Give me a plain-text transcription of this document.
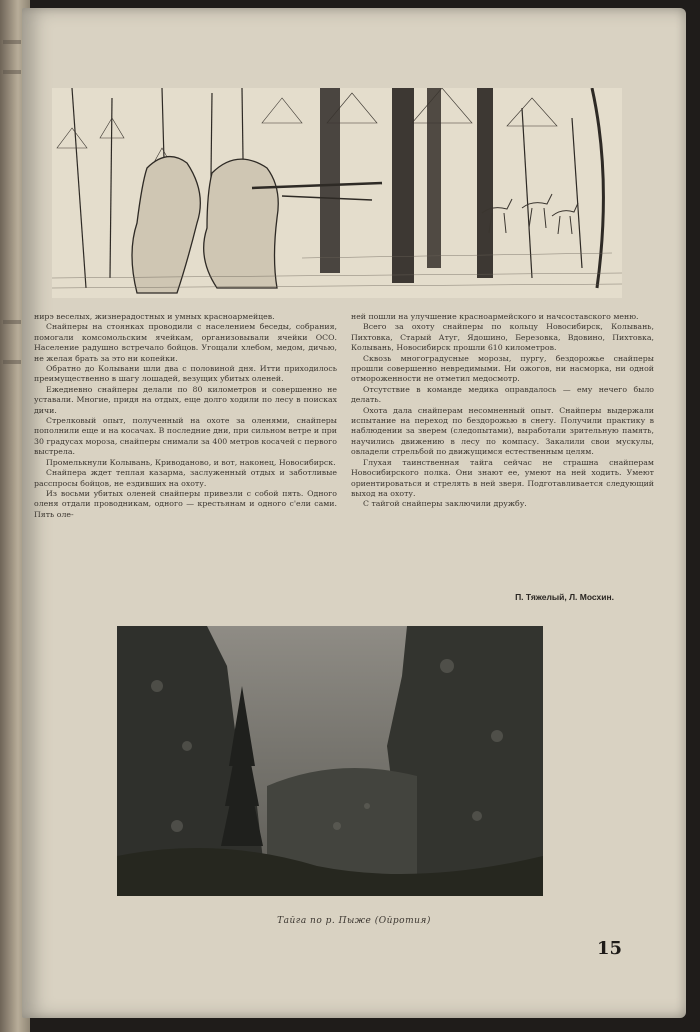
нирэ веселых, жизнерадостных и умных красноармейцев.

Снайперы на стоянках проводили с населением беседы, собрания, помогали комсомольским ячейкам, организовывали ячейки ОСО. Население радушно встречало бойцов. Угощали хлебом, медом, дичью, не желая брать за это ни копейки.

Обратно до Колывани шли два с половиной дня. Итти приходилось преимущественно в шагу лошадей, везущих убитых оленей.

Ежедневно снайперы делали по 80 километров и совершенно не уставали. Многие, придя на отдых, еще долго ходили по лесу в поисках дичи.

Стрелковый опыт, полученный на охоте за оленями, снайперы пополнили еще и на косачах. В последние дни, при сильном ветре и при 30 градусах мороза, снайперы снимали за 400 метров косачей с первого выстрела.

Промелькнули Колывань, Криводаново, и вот, наконец, Новосибирск.

Снайпера ждет теплая казарма, заслуженный отдых и заботливые расспросы бойцов, не ездивших на охоту.

Из восьми убитых оленей снайперы привезли с собой пять. Одного оленя отдали проводникам, одного — крестьянам и одного с'ели сами. Пять оле-

ней пошли на улучшение красноармейского и начсоставского меню.

Всего за охоту снайперы по кольцу Новосибирск, Колывань, Пихтовка, Старый Атуг, Ядошино, Березовка, Вдовино, Пихтовка, Колывань, Новосибирск прошли 610 километров.

Сквозь многоградусные морозы, пургу, бездорожье снайперы прошли совершенно невредимыми. Ни ожогов, ни насморка, ни одной отмороженности не отметил медосмотр.

Отсутствие в команде медика оправдалось — ему нечего было делать.

Охота дала снайперам несомненный опыт. Снайперы выдержали испытание на переход по бездорожью в снегу. Получили практику в наблюдении за зверем (следопытами), выработали зрительную память, научились движению в лесу по компасу. Закалили свои мускулы, овладели стрельбой по движущимся естественным целям.

Глухая таинственная тайга сейчас не страшна снайперам Новосибирского полка. Они знают ее, умеют на ней ходить. Умеют ориентироваться и стрелять в ней зверя. Подготавливается следующий выход на охоту.

С тайгой снайперы заключили дружбу.

П. Тяжелый, Л. Мосхин.
Тайга по р. Пыже (Ойротия)
15
